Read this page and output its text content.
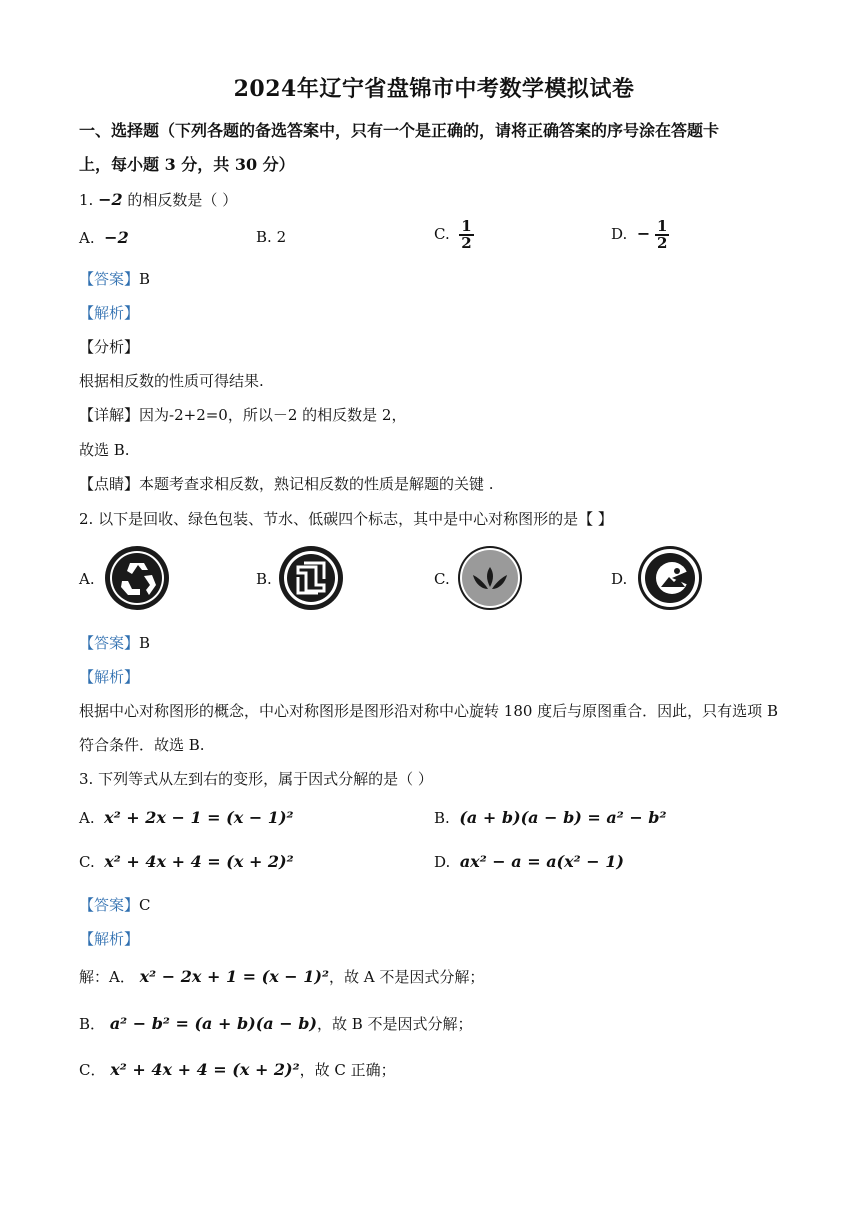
2024年辽宁省盘锦市中考数学模拟试卷
一、选择题（下列各题的备选答案中，只有一个是正确的，请将正确答案的序号涂在答题卡
上，每小题 3 分，共 30 分）
1. −2 的相反数是（ ）
A. −2	B. 2	C. $\frac{1}{2}$	D. − $\frac{1}{2}$
【答案】B
【解析】
【分析】
根据相反数的性质可得结果.
【详解】因为-2+2=0，所以－2 的相反数是 2，
故选 B.
【点睛】本题考查求相反数，熟记相反数的性质是解题的关键 .
2. 以下是回收、绿色包装、节水、低碳四个标志，其中是中心对称图形的是【 】
A.	B.	C.	D.
【答案】B
【解析】
根据中心对称图形的概念，中心对称图形是图形沿对称中心旋转 180 度后与原图重合．因此，只有选项 B
符合条件．故选 B.
3. 下列等式从左到右的变形，属于因式分解的是（ ）
A. x² + 2x − 1 = (x − 1)²	B. (a + b)(a − b) = a² − b²
C. x² + 4x + 4 = (x + 2)²	D. ax² − a = a(x² − 1)
【答案】C
【解析】
解：A． x² − 2x + 1 = (x − 1)²，故 A 不是因式分解；
B． a² − b² = (a + b)(a − b)，故 B 不是因式分解；
C． x² + 4x + 4 = (x + 2)²，故 C 正确；
